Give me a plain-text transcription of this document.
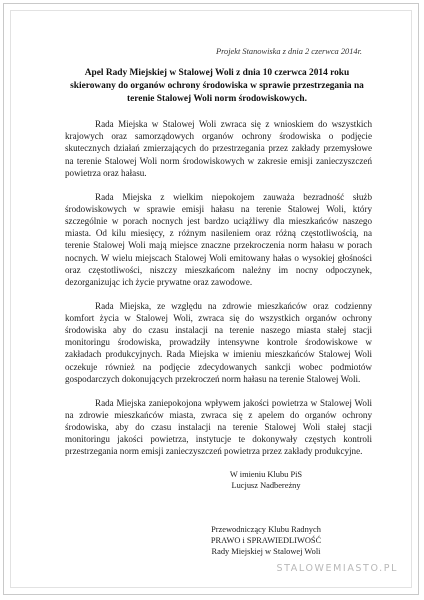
Projekt Stanowiska z dnia 2 czerwca 2014r.
Apel Rady Miejskiej w Stalowej Woli z dnia 10 czerwca 2014 roku skierowany do organów ochrony środowiska w sprawie przestrzegania na terenie Stalowej Woli norm środowiskowych.

Rada Miejska w Stalowej Woli zwraca się z wnioskiem do wszystkich krajowych oraz samorządowych organów ochrony środowiska o podjęcie skutecznych działań zmierzających do przestrzegania przez zakłady przemysłowe na terenie Stalowej Woli norm środowiskowych w zakresie emisji zanieczyszczeń powietrza oraz hałasu.

Rada Miejska z wielkim niepokojem zauważa bezradność służb środowiskowych w sprawie emisji hałasu na terenie Stalowej Woli, który szczególnie w porach nocnych jest bardzo uciążliwy dla mieszkańców naszego miasta. Od kilu miesięcy, z różnym nasileniem oraz różną częstotliwością, na terenie Stalowej Woli mają miejsce znaczne przekroczenia norm hałasu w porach nocnych. W wielu miejscach Stalowej Woli emitowany hałas o wysokiej głośności oraz częstotliwości, niszczy mieszkańcom należny im nocny odpoczynek, dezorganizując ich życie prywatne oraz zawodowe.

Rada Miejska, ze względu na zdrowie mieszkańców oraz codzienny komfort życia w Stalowej Woli, zwraca się do wszystkich organów ochrony środowiska aby do czasu instalacji na terenie naszego miasta stałej stacji monitoringu środowiska, prowadziły intensywne kontrole środowiskowe w zakładach produkcyjnych. Rada Miejska w imieniu mieszkańców Stalowej Woli oczekuje również na podjęcie zdecydowanych sankcji wobec podmiotów gospodarczych dokonujących przekroczeń norm hałasu na terenie Stalowej Woli.

Rada Miejska zaniepokojona wpływem jakości powietrza w Stalowej Woli na zdrowie mieszkańców miasta, zwraca się z apelem do organów ochrony środowiska, aby do czasu instalacji na terenie Stalowej Woli stałej stacji monitoringu jakości powietrza, instytucje te dokonywały częstych kontroli przestrzegania norm emisji zanieczyszczeń powietrza przez zakłady produkcyjne.

W imieniu Klubu PiS
Lucjusz Nadbereżny
Przewodniczący Klubu Radnych
PRAWO i SPRAWIEDLIWOŚĆ
Rady Miejskiej w Stalowej Woli
STALOWEMIASTO.PL
